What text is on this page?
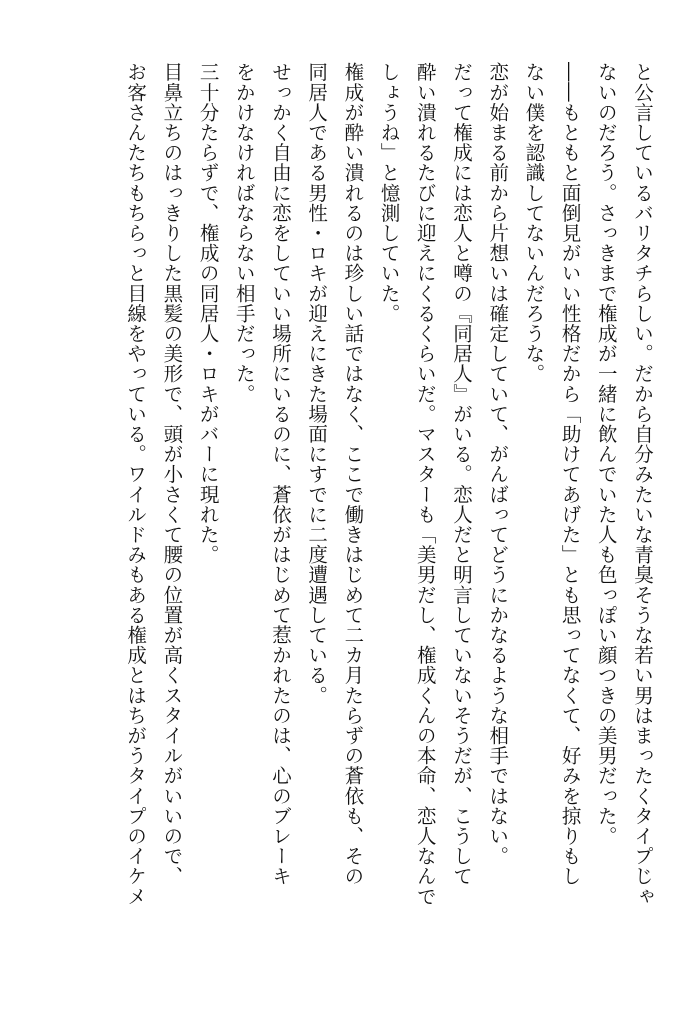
と公言しているバリタチらしい。だから自分みたいな青臭そうな若い男はまったくタイプじゃ
ないのだろう。さっきまで権成が一緒に飲んでいた人も色っぽい顔つきの美男だった。
――もともと面倒見がいい性格だから「助けてあげた」とも思ってなくて、好みを掠りもし
ない僕を認識してないんだろうな。
恋が始まる前から片想いは確定していて、がんばってどうにかなるような相手ではない。
だって権成には恋人と噂の『同居人』がいる。恋人だと明言していないそうだが、こうして
酔い潰れるたびに迎えにくるくらいだ。マスターも「美男だし、権成くんの本命、恋人なんで
しょうね」と憶測していた。
権成が酔い潰れるのは珍しい話ではなく、ここで働きはじめて二カ月たらずの蒼依も、その
同居人である男性・ロキが迎えにきた場面にすでに二度遭遇している。
せっかく自由に恋をしていい場所にいるのに、蒼依がはじめて惹かれたのは、心のブレーキ
をかけなければならない相手だった。
三十分たらずで、権成の同居人・ロキがバーに現れた。
目鼻立ちのはっきりした黒髪の美形で、頭が小さくて腰の位置が高くスタイルがいいので、
お客さんたちもちらっと目線をやっている。ワイルドみもある権成とはちがうタイプのイケメ
